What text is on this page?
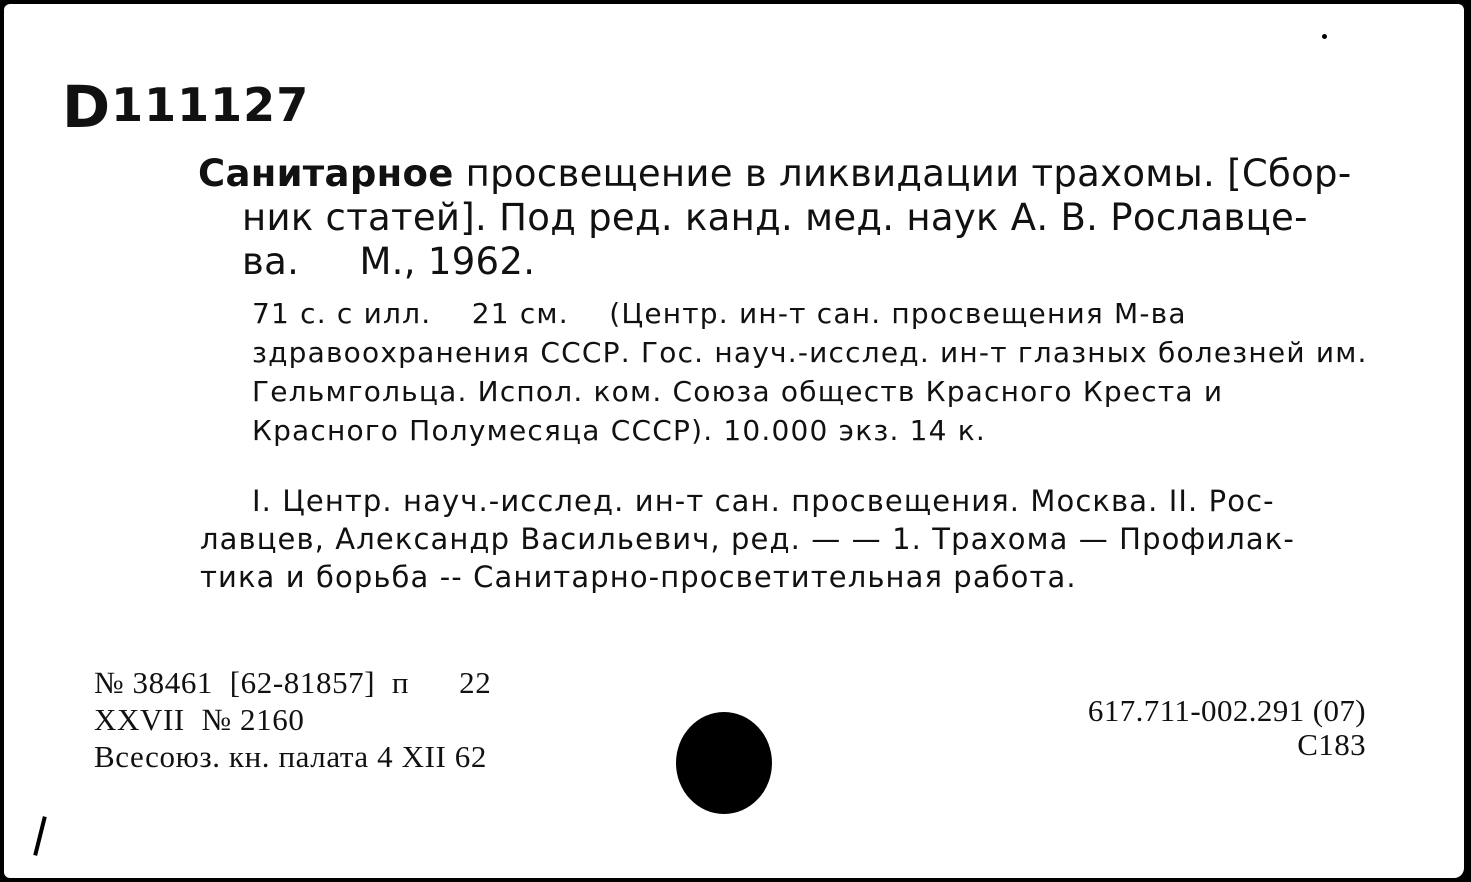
D111127

Санитарное просвещение в ликвидации трахомы. [Сбор-
ник статей]. Под ред. канд. мед. наук А. В. Рославце-
ва.     М., 1962.

71 с. с илл.    21 см.    (Центр. ин-т сан. просвещения М-ва здравоохранения СССР. Гос. науч.-исслед. ин-т глазных болезней им. Гельмгольца. Испол. ком. Союза обществ Красного Креста и Красного Полумесяца СССР). 10.000 экз. 14 к.
I. Центр. науч.-исслед. ин-т сан. просвещения. Москва. II. Рос-
лавцев, Александр Васильевич, ред. — — 1. Трахома — Профилак-тика и борьба -- Санитарно-просветительная работа.
№ 38461  [62-81857]  п      22
XXVII  № 2160
Всесоюз. кн. палата 4 XII 62
617.711-002.291 (07)
С183
